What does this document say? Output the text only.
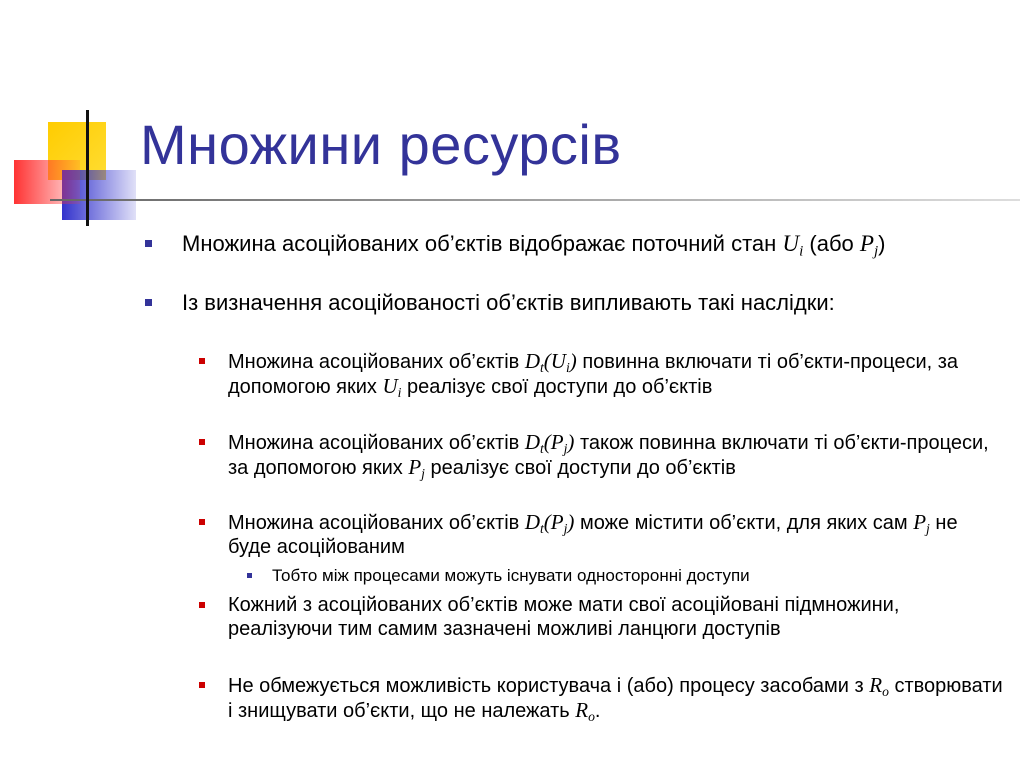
Множини ресурсів
Множина асоційованих об’єктів відображає поточний стан $U_i$ (або $P_j$)
Із визначення асоційованості об’єктів випливають такі наслідки:
Множина асоційованих об’єктів $D_t(U_i)$ повинна включати ті об’єкти-процеси, за допомогою яких $U_i$ реалізує свої доступи до об’єктів
Множина асоційованих об’єктів $D_t(P_j)$ також повинна включати ті об’єкти-процеси, за допомогою яких $P_j$ реалізує свої доступи до об’єктів
Множина асоційованих об’єктів $D_t(P_j)$ може містити об’єкти, для яких сам $P_j$ не буде асоційованим
Тобто між процесами можуть існувати односторонні доступи
Кожний з асоційованих об’єктів може мати свої асоційовані підмножини, реалізуючи тим самим зазначені можливі ланцюги доступів
Не обмежується можливість користувача і (або) процесу засобами з $R_o$ створювати і знищувати об’єкти, що не належать $R_o$.
